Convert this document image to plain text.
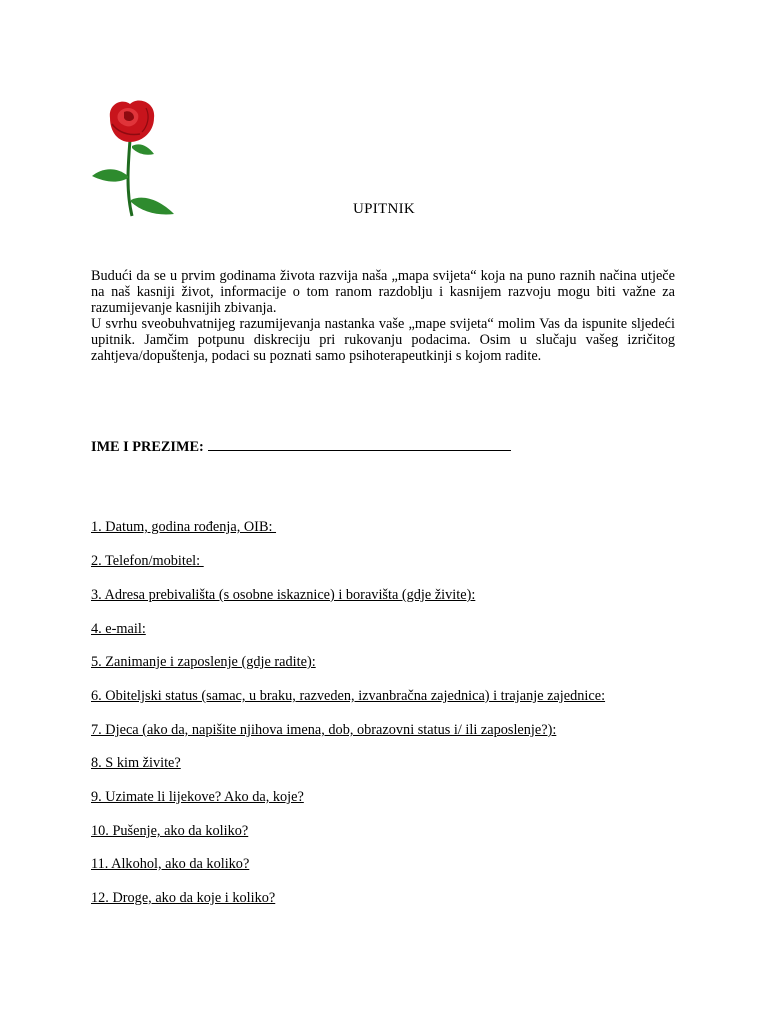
UPITNIK

Budući da se u prvim godinama života razvija naša „mapa svijeta“ koja na puno raznih načina utječe na naš kasniji život, informacije o tom ranom razdoblju i kasnijem razvoju mogu biti važne za razumijevanje kasnijih zbivanja.

U svrhu sveobuhvatnijeg razumijevanja nastanka vaše „mape svijeta“ molim Vas da ispunite sljedeći upitnik. Jamčim potpunu diskreciju pri rukovanju podacima. Osim u slučaju vašeg izričitog zahtjeva/dopuštenja, podaci su poznati samo psihoterapeutkinji s kojom radite.

IME I PREZIME:
1. Datum, godina rođenja, OIB:
2. Telefon/mobitel:
3. Adresa prebivališta (s osobne iskaznice) i boravišta (gdje živite):
4. e-mail:
5. Zanimanje i zaposlenje (gdje radite):
6. Obiteljski status (samac, u braku, razveden, izvanbračna zajednica) i trajanje zajednice:
7. Djeca (ako da, napišite njihova imena, dob, obrazovni status i/ ili zaposlenje?):
8. S kim živite?
9. Uzimate li lijekove? Ako da, koje?
10. Pušenje, ako da koliko?
11. Alkohol, ako da koliko?
12. Droge, ako da koje i koliko?
